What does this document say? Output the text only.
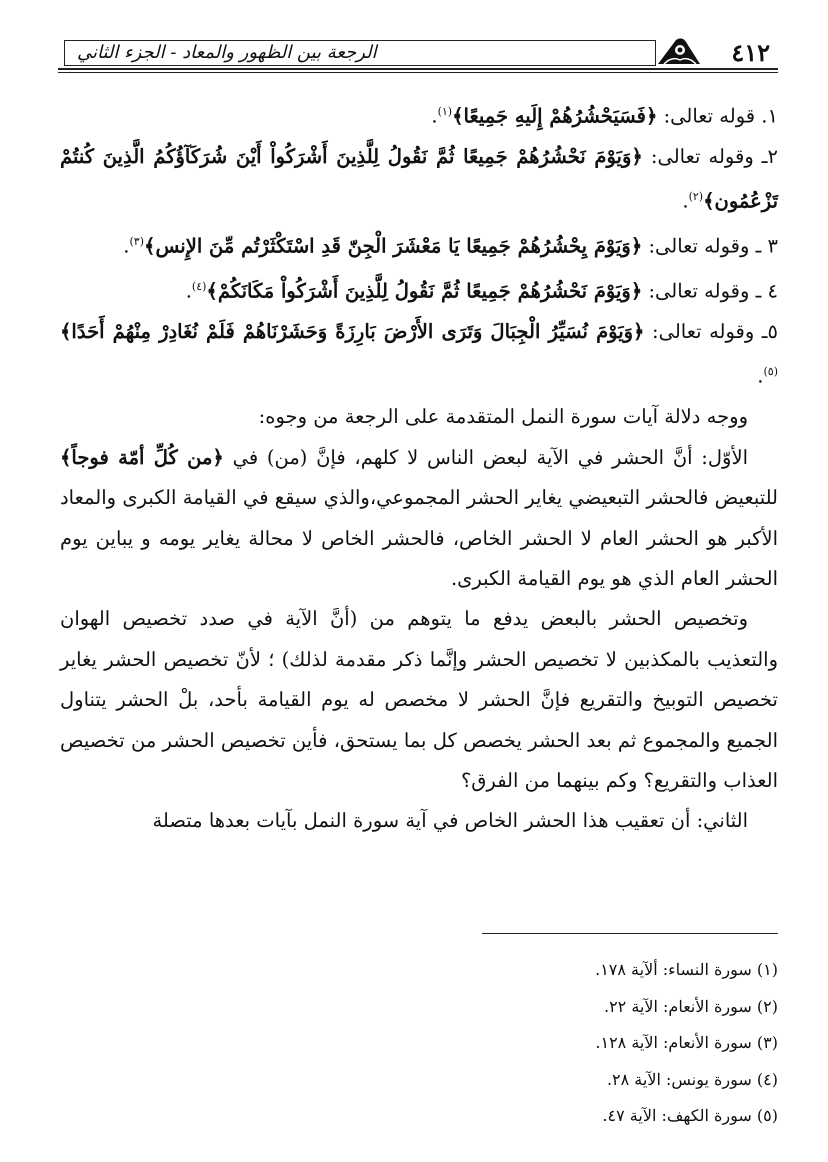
الرجعة بين الظهور والمعاد - الجزء الثاني	٤١٢

١. قوله تعالى: ﴿فَسَيَحْشُرُهُمْ إِلَيهِ جَمِيعًا﴾$^{(١)}$.

٢ـ وقوله تعالى: ﴿وَيَوْمَ نَحْشُرُهُمْ جَمِيعًا ثُمَّ نَقُولُ لِلَّذِينَ أَشْرَكُواْ أَيْنَ شُرَكَآؤُكُمُ الَّذِينَ كُنتُمْ تَزْعُمُون﴾$^{(٢)}$.

٣ ـ وقوله تعالى: ﴿وَيَوْمَ يِحْشُرُهُمْ جَمِيعًا يَا مَعْشَرَ الْجِنّ قَدِ اسْتَكْثَرْتُم مِّنَ الإِنس﴾$^{(٣)}$.

٤ ـ وقوله تعالى: ﴿وَيَوْمَ نَحْشُرُهُمْ جَمِيعًا ثُمَّ نَقُولُ لِلَّذِينَ أَشْرَكُواْ مَكَانَكُمْ﴾$^{(٤)}$.

٥ـ وقوله تعالى: ﴿وَيَوْمَ نُسَيِّرُ الْجِبَالَ وَتَرَى الأَرْضَ بَارِزَةً وَحَشَرْنَاهُمْ فَلَمْ نُغَادِرْ مِنْهُمْ أَحَدًا﴾$^{(٥)}$.

ووجه دلالة آيات سورة النمل المتقدمة على الرجعة من وجوه:

الأوّل: أنَّ الحشر في الآية لبعض الناس لا كلهم، فإنَّ (من) في ﴿من كُلِّ أمّة فوجاً﴾ للتبعيض فالحشر التبعيضي يغاير الحشر المجموعي،والذي سيقع في القيامة الكبرى والمعاد الأكبر هو الحشر العام لا الحشر الخاص، فالحشر الخاص لا محالة يغاير يومه و يباين يوم الحشر العام الذي هو يوم القيامة الكبرى.

وتخصيص الحشر بالبعض يدفع ما يتوهم من (أنَّ الآية في صدد تخصيص الهوان والتعذيب بالمكذبين لا تخصيص الحشر وإنَّما ذكر مقدمة لذلك) ؛ لأنّ تخصيص الحشر يغاير تخصيص التوبيخ والتقريع فإنَّ الحشر لا مخصص له يوم القيامة بأحد، بلْ الحشر يتناول الجميع والمجموع ثم بعد الحشر يخصص كل بما يستحق، فأين تخصيص الحشر من تخصيص العذاب والتقريع؟ وكم بينهما من الفرق؟

الثاني: أن تعقيب هذا الحشر الخاص في آية سورة النمل بآيات بعدها متصلة

(١) سورة النساء: ألآية ١٧٨.

(٢) سورة الأنعام: الآية ٢٢.

(٣) سورة الأنعام: الآية ١٢٨.

(٤) سورة يونس: الآية ٢٨.

(٥) سورة الكهف: الآية ٤٧.
